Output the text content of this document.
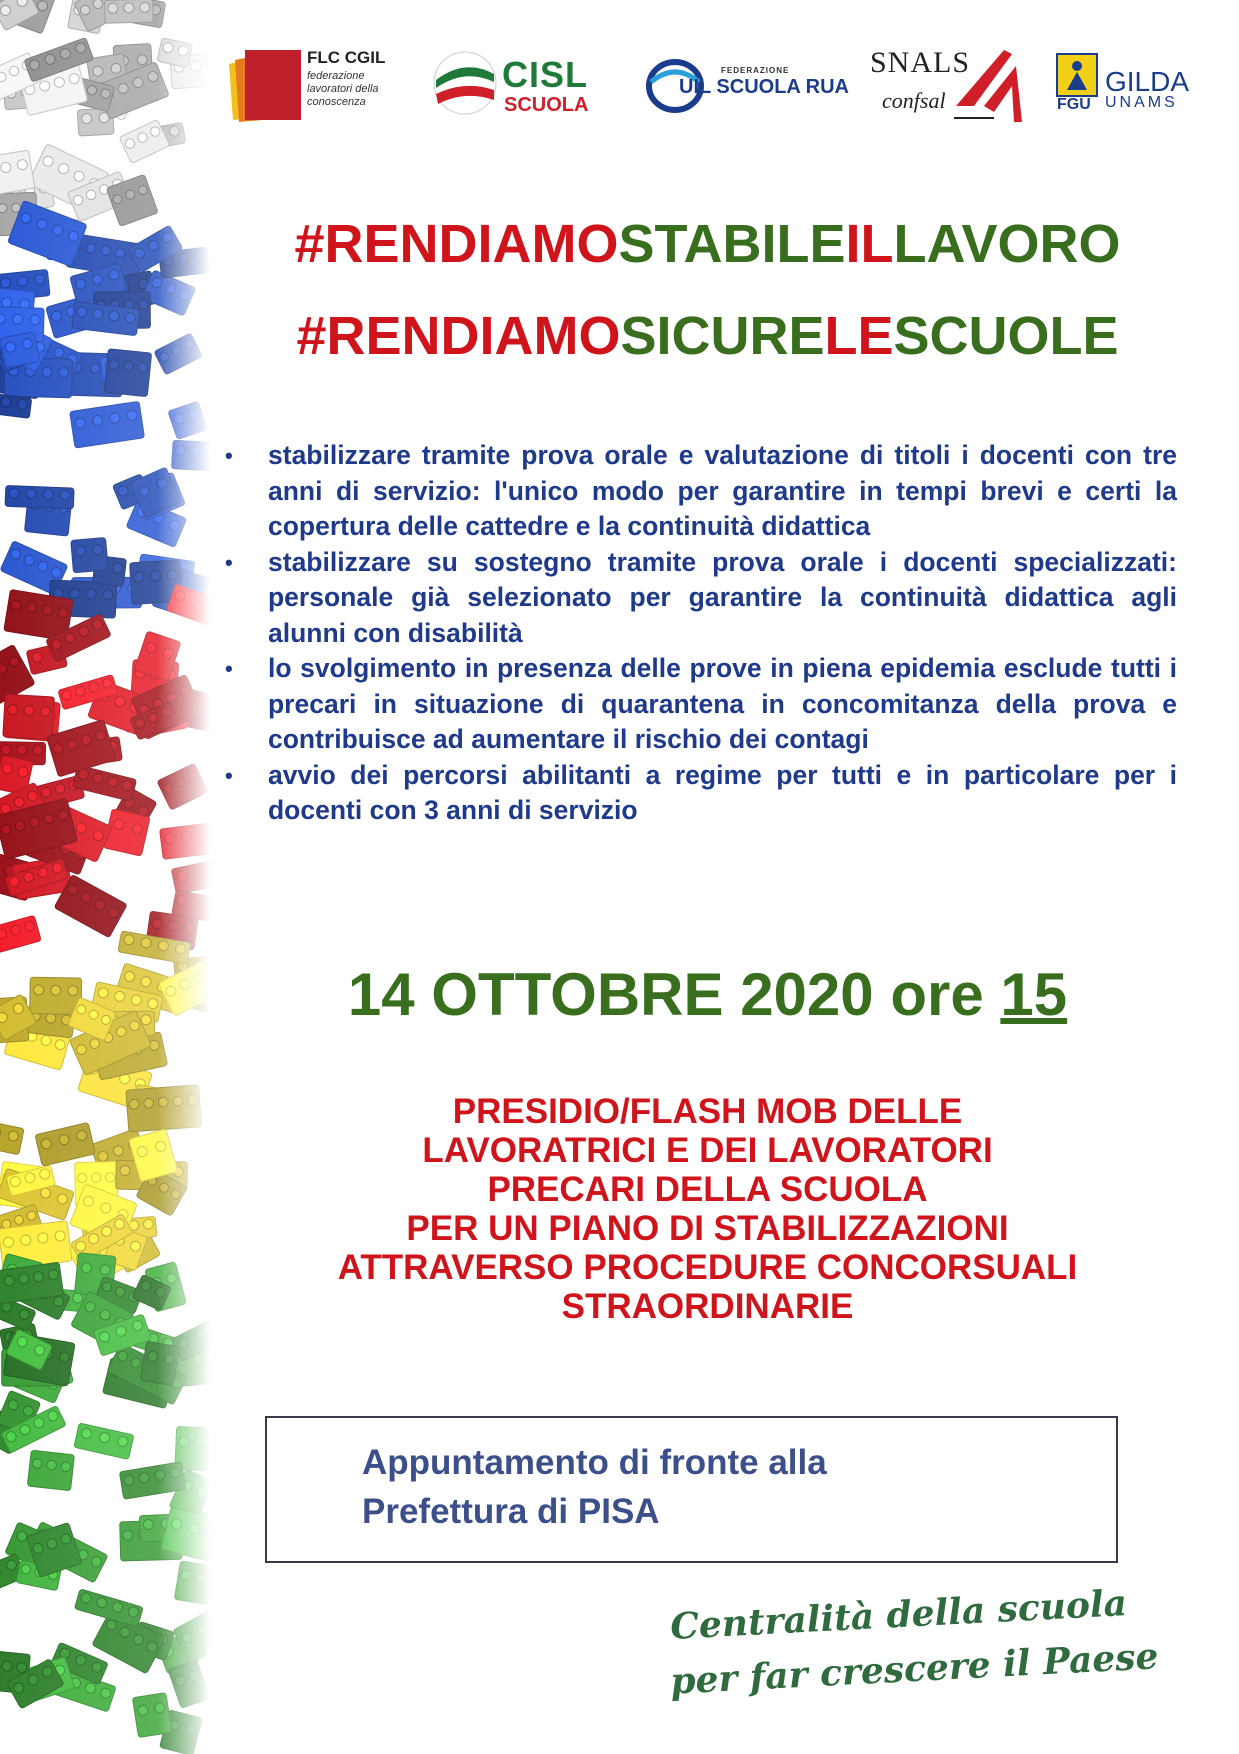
FLC CGIL
federazione lavoratori della conoscenza
CISL
SCUOLA
FEDERAZIONE
UIL SCUOLA RUA
SNALS
confsal	FGU
GILDA
UNAMS
#RENDIAMOSTABILEILLAVORO
#RENDIAMOSICURELESCUOLE
• stabilizzare tramite prova orale e valutazione di titoli i docenti con tre anni di servizio: l'unico modo per garantire in tempi brevi e certi la copertura delle cattedre e la continuità didattica
• stabilizzare su sostegno tramite prova orale i docenti specializzati: personale già selezionato per garantire la continuità didattica agli alunni con disabilità
• lo svolgimento in presenza delle prove in piena epidemia esclude tutti i precari in situazione di quarantena in concomitanza della prova e contribuisce ad aumentare il rischio dei contagi
• avvio dei percorsi abilitanti a regime per tutti e in particolare per i docenti con 3 anni di servizio
14 OTTOBRE 2020 ore 15
PRESIDIO/FLASH MOB DELLE
LAVORATRICI E DEI LAVORATORI
PRECARI DELLA SCUOLA
PER UN PIANO DI STABILIZZAZIONI
ATTRAVERSO PROCEDURE CONCORSUALI
STRAORDINARIE
Appuntamento di fronte alla
Prefettura di PISA
Centralità della scuola
per far crescere il Paese
